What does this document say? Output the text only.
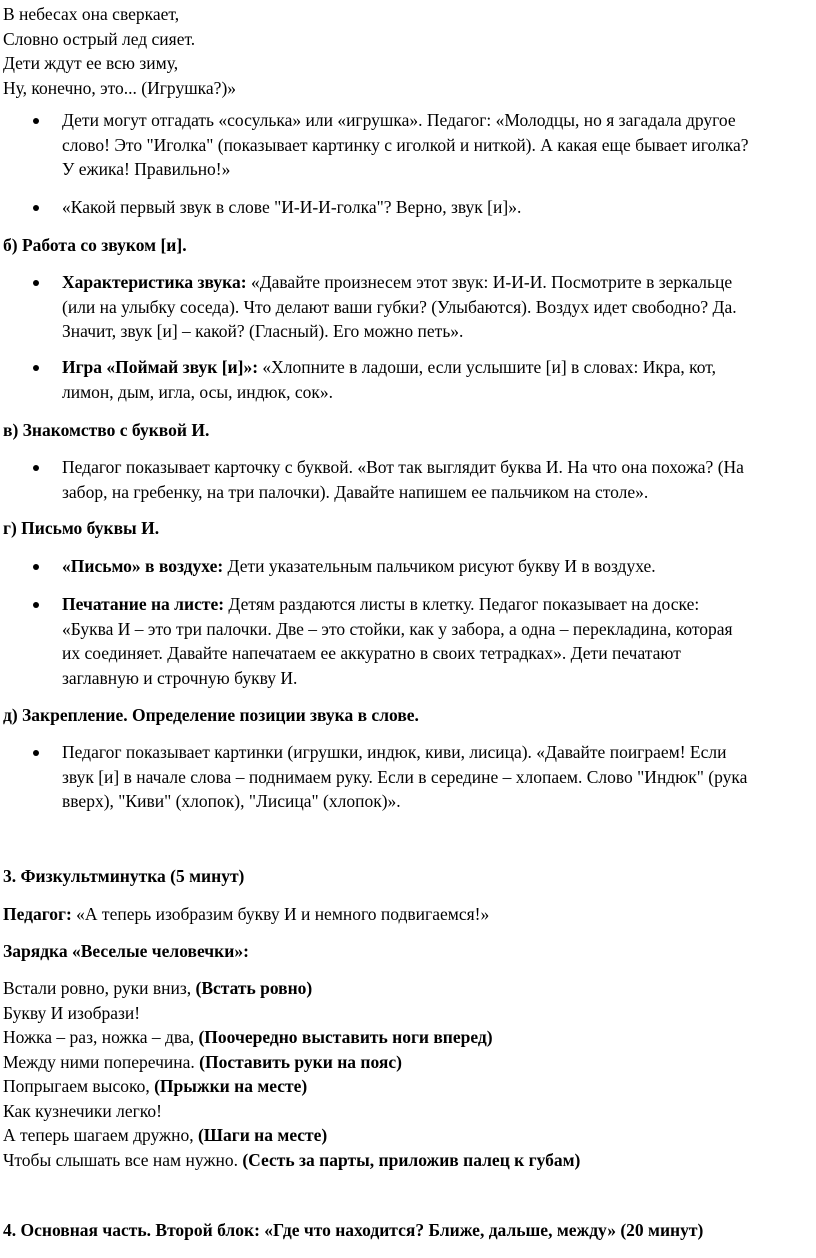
В небесах она сверкает,
Словно острый лед сияет.
Дети ждут ее всю зиму,
Ну, конечно, это... (Игрушка?)»
Дети могут отгадать «сосулька» или «игрушка». Педагог: «Молодцы, но я загадала другое
слово! Это "Иголка" (показывает картинку с иголкой и ниткой). А какая еще бывает иголка?
У ежика! Правильно!»
«Какой первый звук в слове "И-И-И-голка"? Верно, звук [и]».
б) Работа со звуком [и].
Характеристика звука: «Давайте произнесем этот звук: И-И-И. Посмотрите в зеркальце
(или на улыбку соседа). Что делают ваши губки? (Улыбаются). Воздух идет свободно? Да.
Значит, звук [и] – какой? (Гласный). Его можно петь».
Игра «Поймай звук [и]»: «Хлопните в ладоши, если услышите [и] в словах: Икра, кот,
лимон, дым, игла, осы, индюк, сок».
в) Знакомство с буквой И.
Педагог показывает карточку с буквой. «Вот так выглядит буква И. На что она похожа? (На
забор, на гребенку, на три палочки). Давайте напишем ее пальчиком на столе».
г) Письмо буквы И.
«Письмо» в воздухе: Дети указательным пальчиком рисуют букву И в воздухе.
Печатание на листе: Детям раздаются листы в клетку. Педагог показывает на доске:
«Буква И – это три палочки. Две – это стойки, как у забора, а одна – перекладина, которая
их соединяет. Давайте напечатаем ее аккуратно в своих тетрадках». Дети печатают
заглавную и строчную букву И.
д) Закрепление. Определение позиции звука в слове.
Педагог показывает картинки (игрушки, индюк, киви, лисица). «Давайте поиграем! Если
звук [и] в начале слова – поднимаем руку. Если в середине – хлопаем. Слово "Индюк" (рука
вверх), "Киви" (хлопок), "Лисица" (хлопок)».
3. Физкультминутка (5 минут)
Педагог: «А теперь изобразим букву И и немного подвигаемся!»
Зарядка «Веселые человечки»:
Встали ровно, руки вниз, (Встать ровно)
Букву И изобрази!
Ножка – раз, ножка – два, (Поочередно выставить ноги вперед)
Между ними поперечина. (Поставить руки на пояс)
Попрыгаем высоко, (Прыжки на месте)
Как кузнечики легко!
А теперь шагаем дружно, (Шаги на месте)
Чтобы слышать все нам нужно. (Сесть за парты, приложив палец к губам)
4. Основная часть. Второй блок: «Где что находится? Ближе, дальше, между» (20 минут)
